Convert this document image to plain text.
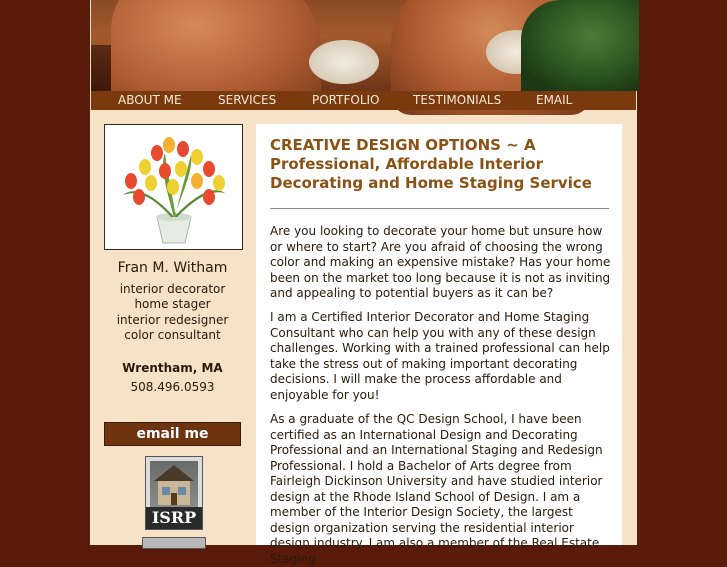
ABOUT ME	SERVICES	PORTFOLIO	TESTIMONIALS	EMAIL
Fran M. Witham
interior decorator
home stager
interior redesigner
color consultant
Wrentham, MA
508.496.0593
email me
ISRP
CREATIVE DESIGN OPTIONS ~ A Professional, Affordable Interior Decorating and Home Staging Service

Are you looking to decorate your home but unsure how or where to start? Are you afraid of choosing the wrong color and making an expensive mistake? Has your home been on the market too long because it is not as inviting and appealing to potential buyers as it can be?

I am a Certified Interior Decorator and Home Staging Consultant who can help you with any of these design challenges. Working with a trained professional can help take the stress out of making important decorating decisions. I will make the process affordable and enjoyable for you!

As a graduate of the QC Design School, I have been certified as an International Design and Decorating Professional and an International Staging and Redesign Professional. I hold a Bachelor of Arts degree from Fairleigh Dickinson University and have studied interior design at the Rhode Island School of Design. I am a member of the Interior Design Society, the largest design organization serving the residential interior design industry. I am also a member of the Real Estate Staging
